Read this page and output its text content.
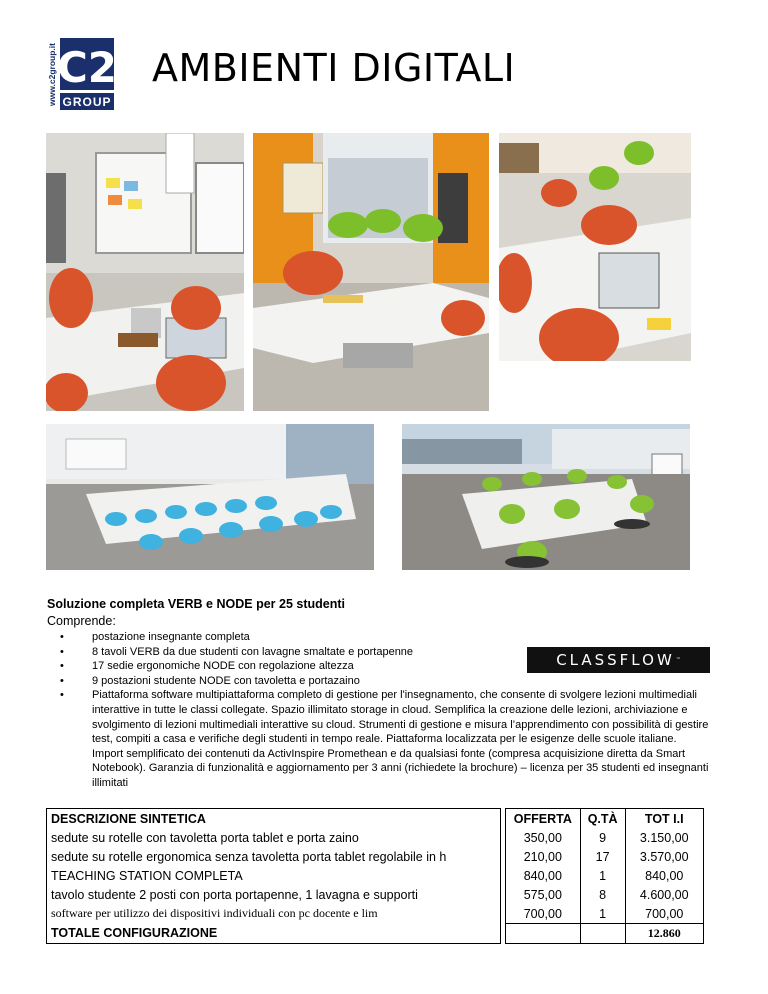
www.c2group.it C2
GROUP
AMBIENTI DIGITALI
Soluzione completa VERB e NODE per 25 studenti
Comprende:
• postazione insegnante completa
• 8 tavoli VERB da due studenti con lavagne smaltate e portapenne
• 17 sedie ergonomiche NODE con regolazione altezza
• 9 postazioni studente NODE con tavoletta e portazaino
• Piattaforma software multipiattaforma completo di gestione per l'insegnamento, che consente di svolgere lezioni multimediali interattive in tutte le classi collegate. Spazio illimitato storage in cloud. Semplifica la creazione delle lezioni, archiviazione e svolgimento di lezioni multimediali interattive su cloud. Strumenti di gestione e misura l’apprendimento con possibilità di gestire test, compiti a casa e verifiche degli studenti in tempo reale. Piattaforma localizzata per le esigenze delle scuole italiane. Import semplificato dei contenuti da ActivInspire Promethean e da qualsiasi fonte (compresa acquisizione diretta da Smart Notebook). Garanzia di funzionalità e aggiornamento per 3 anni (richiedete la brochure) – licenza per 35 studenti ed insegnanti illimitati
CLASSFLOW ™
DESCRIZIONE SINTETICA		OFFERTA	Q.TÀ	TOT I.I
sedute su rotelle con tavoletta porta tablet e porta zaino		350,00	9	3.150,00
sedute su rotelle ergonomica senza tavoletta porta tablet regolabile in h		210,00	17	3.570,00
TEACHING STATION COMPLETA		840,00	1	840,00
tavolo studente 2 posti con porta portapenne, 1 lavagna e supporti		575,00	8	4.600,00
software per utilizzo dei dispositivi individuali con pc docente e lim		700,00	1	700,00
TOTALE CONFIGURAZIONE				12.860
